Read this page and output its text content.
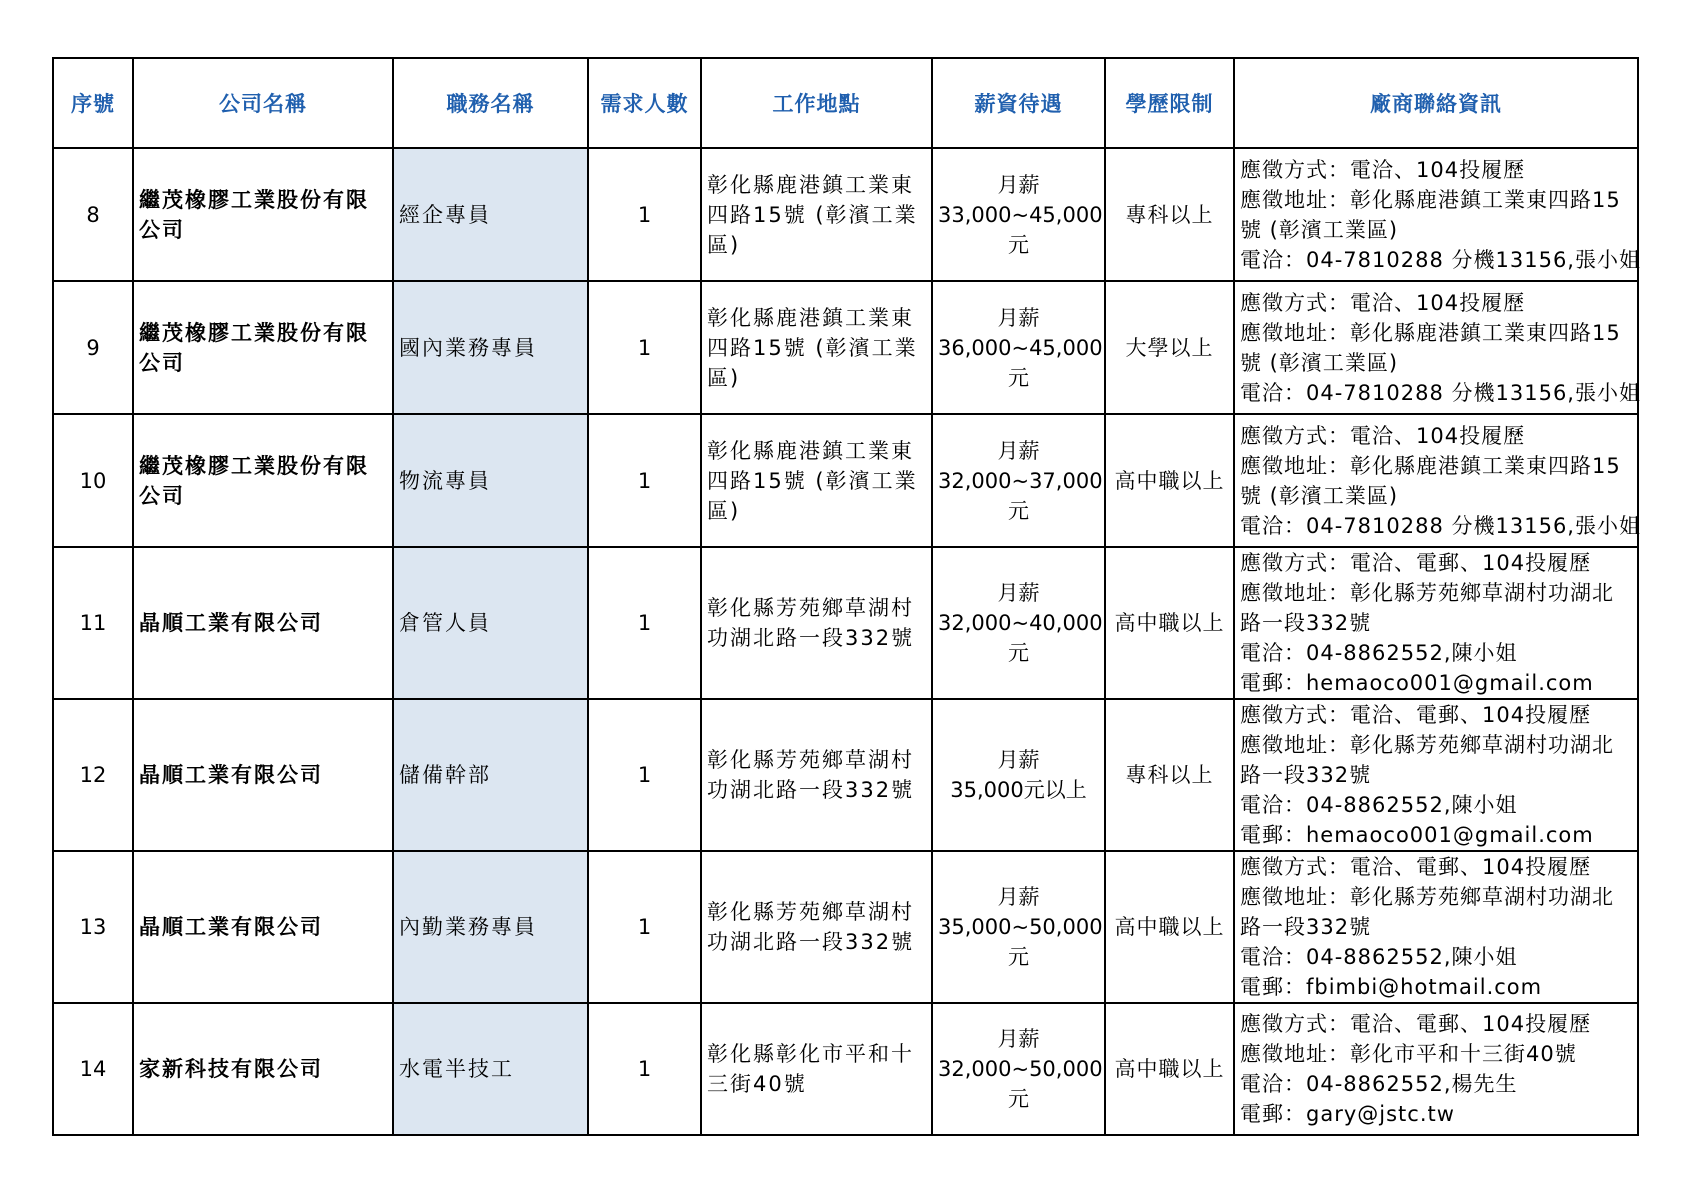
序號	公司名稱	職務名稱	需求人數	工作地點	薪資待遇	學歷限制	廠商聯絡資訊
8	繼茂橡膠工業股份有限公司	經企專員	1	彰化縣鹿港鎮工業東四路15號 (彰濱工業區)	月薪
33,000~45,000
元	專科以上	應徵方式：電洽、104投履歷
應徵地址：彰化縣鹿港鎮工業東四路15
號 (彰濱工業區)
電洽：04-7810288 分機13156,張小姐

9	繼茂橡膠工業股份有限公司	國內業務專員	1	彰化縣鹿港鎮工業東四路15號 (彰濱工業區)	月薪
36,000~45,000
元	大學以上	應徵方式：電洽、104投履歷
應徵地址：彰化縣鹿港鎮工業東四路15
號 (彰濱工業區)
電洽：04-7810288 分機13156,張小姐

10	繼茂橡膠工業股份有限公司	物流專員	1	彰化縣鹿港鎮工業東四路15號 (彰濱工業區)	月薪
32,000~37,000
元	高中職以上	應徵方式：電洽、104投履歷
應徵地址：彰化縣鹿港鎮工業東四路15
號 (彰濱工業區)
電洽：04-7810288 分機13156,張小姐

11	晶順工業有限公司	倉管人員	1	彰化縣芳苑鄉草湖村功湖北路一段332號	月薪
32,000~40,000
元	高中職以上	應徵方式：電洽、電郵、104投履歷
應徵地址：彰化縣芳苑鄉草湖村功湖北
路一段332號
電洽：04-8862552,陳小姐
電郵：hemaoco001@gmail.com

12	晶順工業有限公司	儲備幹部	1	彰化縣芳苑鄉草湖村功湖北路一段332號	月薪
35,000元以上	專科以上	應徵方式：電洽、電郵、104投履歷
應徵地址：彰化縣芳苑鄉草湖村功湖北
路一段332號
電洽：04-8862552,陳小姐
電郵：hemaoco001@gmail.com

13	晶順工業有限公司	內勤業務專員	1	彰化縣芳苑鄉草湖村功湖北路一段332號	月薪
35,000~50,000
元	高中職以上	應徵方式：電洽、電郵、104投履歷
應徵地址：彰化縣芳苑鄉草湖村功湖北
路一段332號
電洽：04-8862552,陳小姐
電郵：fbimbi@hotmail.com

14	家新科技有限公司	水電半技工	1	彰化縣彰化市平和十三街40號	月薪
32,000~50,000
元	高中職以上	應徵方式：電洽、電郵、104投履歷
應徵地址：彰化市平和十三街40號
電洽：04-8862552,楊先生
電郵：gary@jstc.tw
